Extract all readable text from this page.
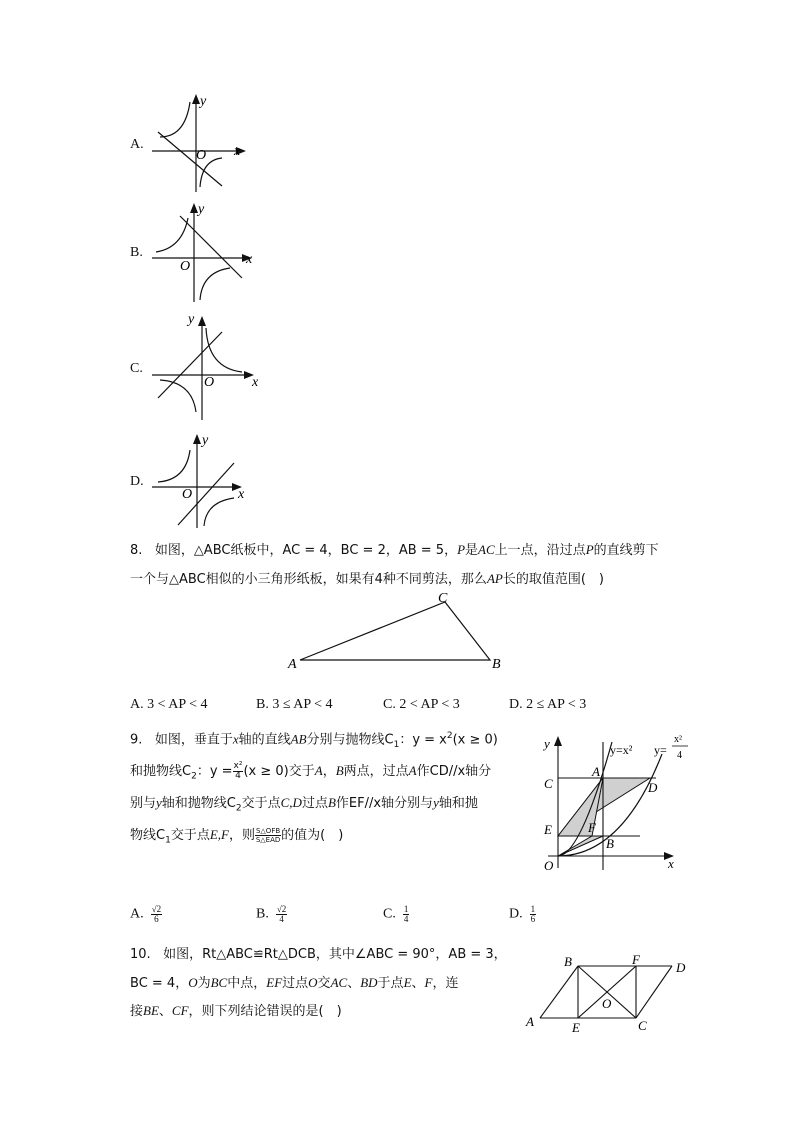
A.
y
O x
B.
y
O	x
C.
y
O	x
D.
y
O	x
8. 如图，△ABC纸板中，AC = 4，BC = 2，AB = 5，P是AC上一点，沿过点P的直线剪下
一个与△ABC相似的小三角形纸板，如果有4种不同剪法，那么AP长的取值范围(　)
A	B
C
A. 3 < AP < 4	B. 3 ≤ AP < 4	C. 2 < AP < 3	D. 2 ≤ AP < 3
9. 如图，垂直于x轴的直线AB分别与抛物线$C_1$：$y = x^2(x \ge 0)$
和抛物线$C_2$：$y = \frac{\text{x²}}{4} (x \ge 0)$交于A，B两点，过点A作CD//x轴分
别与y轴和抛物线$C_2$交于点C,D过点B作EF//x轴分别与y轴和抛
物线$C_1$交于点E,F，则 $\frac{\text{S△OFB}}{\text{S△EAD}}$ 的值为(　)
y
x
O
A
B
C	D
E	F
y=x² y=
x²
4
A. $\frac{√2}{6}$	B. $\frac{√2}{4}$	C. $\frac{1}{4}$	D. $\frac{1}{6}$
10. 如图，Rt△ABC≌Rt△DCB，其中∠ABC = 90°，AB = 3，
BC = 4，O为BC中点，EF过点O交AC、BD于点E、F，连
接BE、CF，则下列结论错误的是(　)
A
B
C
D
E
F
O
